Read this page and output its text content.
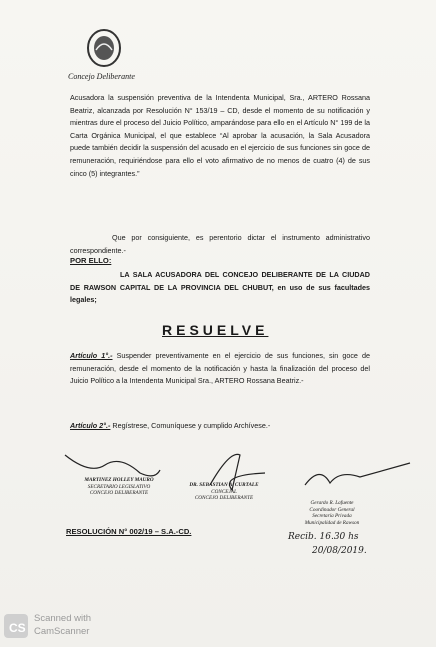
Concejo Deliberante
Acusadora la suspensión preventiva de la Intendenta Municipal, Sra., ARTERO Rossana Beatriz, alcanzada por Resolución N° 153/19 – CD, desde el momento de su notificación y mientras dure el proceso del Juicio Político, amparándose para ello en el Artículo N° 199 de la Carta Orgánica Municipal, el que establece “Al aprobar la acusación, la Sala Acusadora puede también decidir la suspensión del acusado en el ejercicio de sus funciones sin goce de remuneración, requiriéndose para ello el voto afirmativo de no menos de cuatro (4) de sus cinco (5) integrantes.”
Que por consiguiente, es perentorio dictar el instrumento administrativo correspondiente.-
POR ELLO:
LA SALA ACUSADORA DEL CONCEJO DELIBERANTE DE LA CIUDAD DE RAWSON CAPITAL DE LA PROVINCIA DEL CHUBUT, en uso de sus facultades legales;
RESUELVE
Artículo 1°.- Suspender preventivamente en el ejercicio de sus funciones, sin goce de remuneración, desde el momento de la notificación y hasta la finalización del proceso del Juicio Político a la Intendenta Municipal Sra., ARTERO Rossana Beatriz.-
Artículo 2°.- Regístrese, Comuníquese y cumplido Archívese.-
MARTINEZ HOLLEY MAURO
SECRETARIO LEGISLATIVO
CONCEJO DELIBERANTE
DR. SEBASTIAN A. CURTALE
CONCEJAL
CONCEJO DELIBERANTE
Gerardo R. Lafuente
Coordinador General
Secretaría Privada
Municipalidad de Rawson
RESOLUCIÓN N° 002/19 – S.A.-CD.
Recib. 16.30 hs
20/08/2019.
CS
Scanned with
CamScanner
